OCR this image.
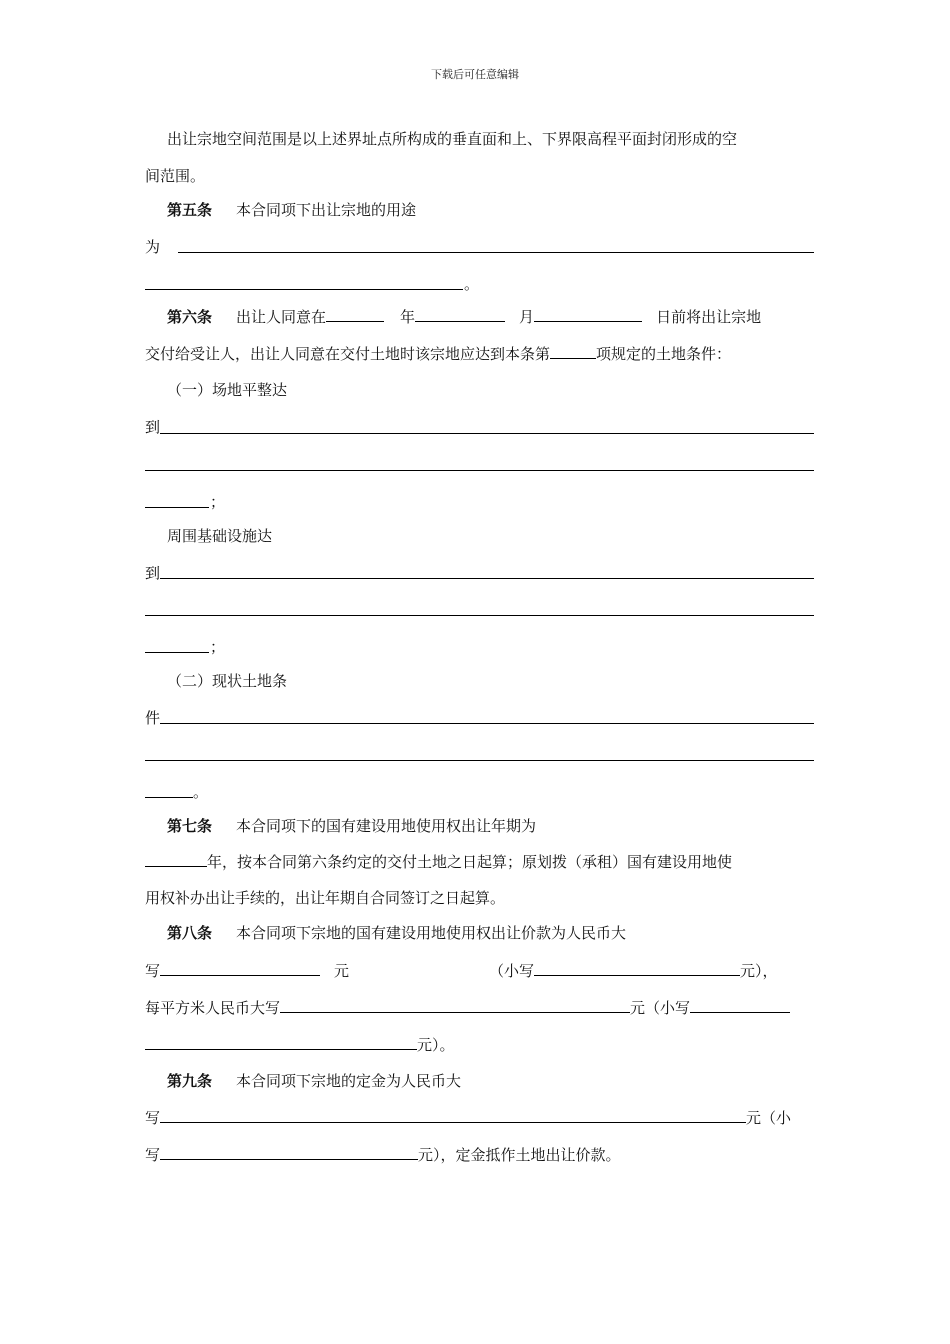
下载后可任意编辑
出让宗地空间范围是以上述界址点所构成的垂直面和上、下界限高程平面封闭形成的空
间范围。
第五条 本合同项下出让宗地的用途
为
。
第六条 出让人同意在	年	月	日前将出让宗地
交付给受让人，出让人同意在交付土地时该宗地应达到本条第	项规定的土地条件：
（一）场地平整达
到
；
周围基础设施达
到
；
（二）现状土地条
件
。
第七条 本合同项下的国有建设用地使用权出让年期为
年，按本合同第六条约定的交付土地之日起算；原划拨（承租）国有建设用地使
用权补办出让手续的，出让年期自合同签订之日起算。
第八条 本合同项下宗地的国有建设用地使用权出让价款为人民币大
写	元	（小写	元），
每平方米人民币大写	元（小写
元）。
第九条 本合同项下宗地的定金为人民币大
写	元（小
写	元），定金抵作土地出让价款。
